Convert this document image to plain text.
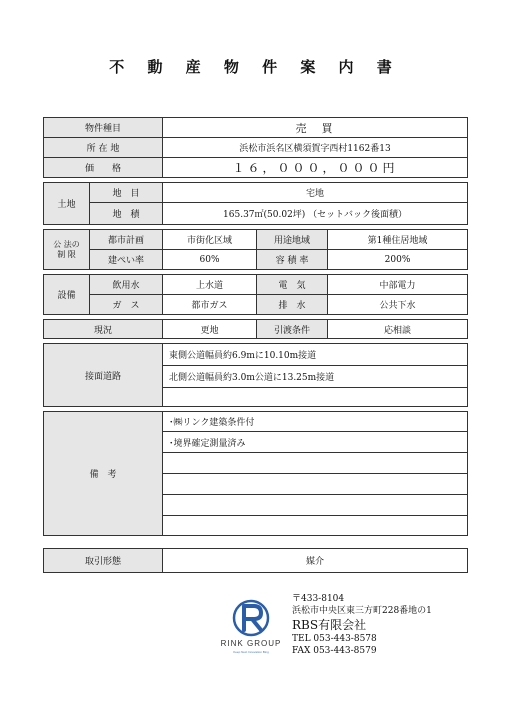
不 動 産 物 件 案 内 書
物件種目		売　買		
所 在 地		浜松市浜名区横須賀字西村1162番13		
価　　格		１６，０００，０００円		

土地	地　目	宅地		
	地　積	165.37㎡(50.02坪) （セットバック後面積）		

公 法の
制 限	都市計画	市街化区域	用途地域	第1種住居地域
	建ぺい率	60%	容 積 率	200%

設備	飲用水	上水道	電　気	中部電力
	ガ　ス	都市ガス	排　水	公共下水

現況		更地	引渡条件	応相談

接面道路		東側公道幅員約6.9mに10.10m接道		
		北側公道幅員約3.0m公道に13.25m接道		

備　考		･㈱リンク建築条件付		
		･境界確定測量済み		

取引形態	媒介
RINK GROUP
Keep Next Innovation Bing
〒433-8104
浜松市中央区東三方町228番地の1
RBS有限会社
TEL 053-443-8578
FAX 053-443-8579
